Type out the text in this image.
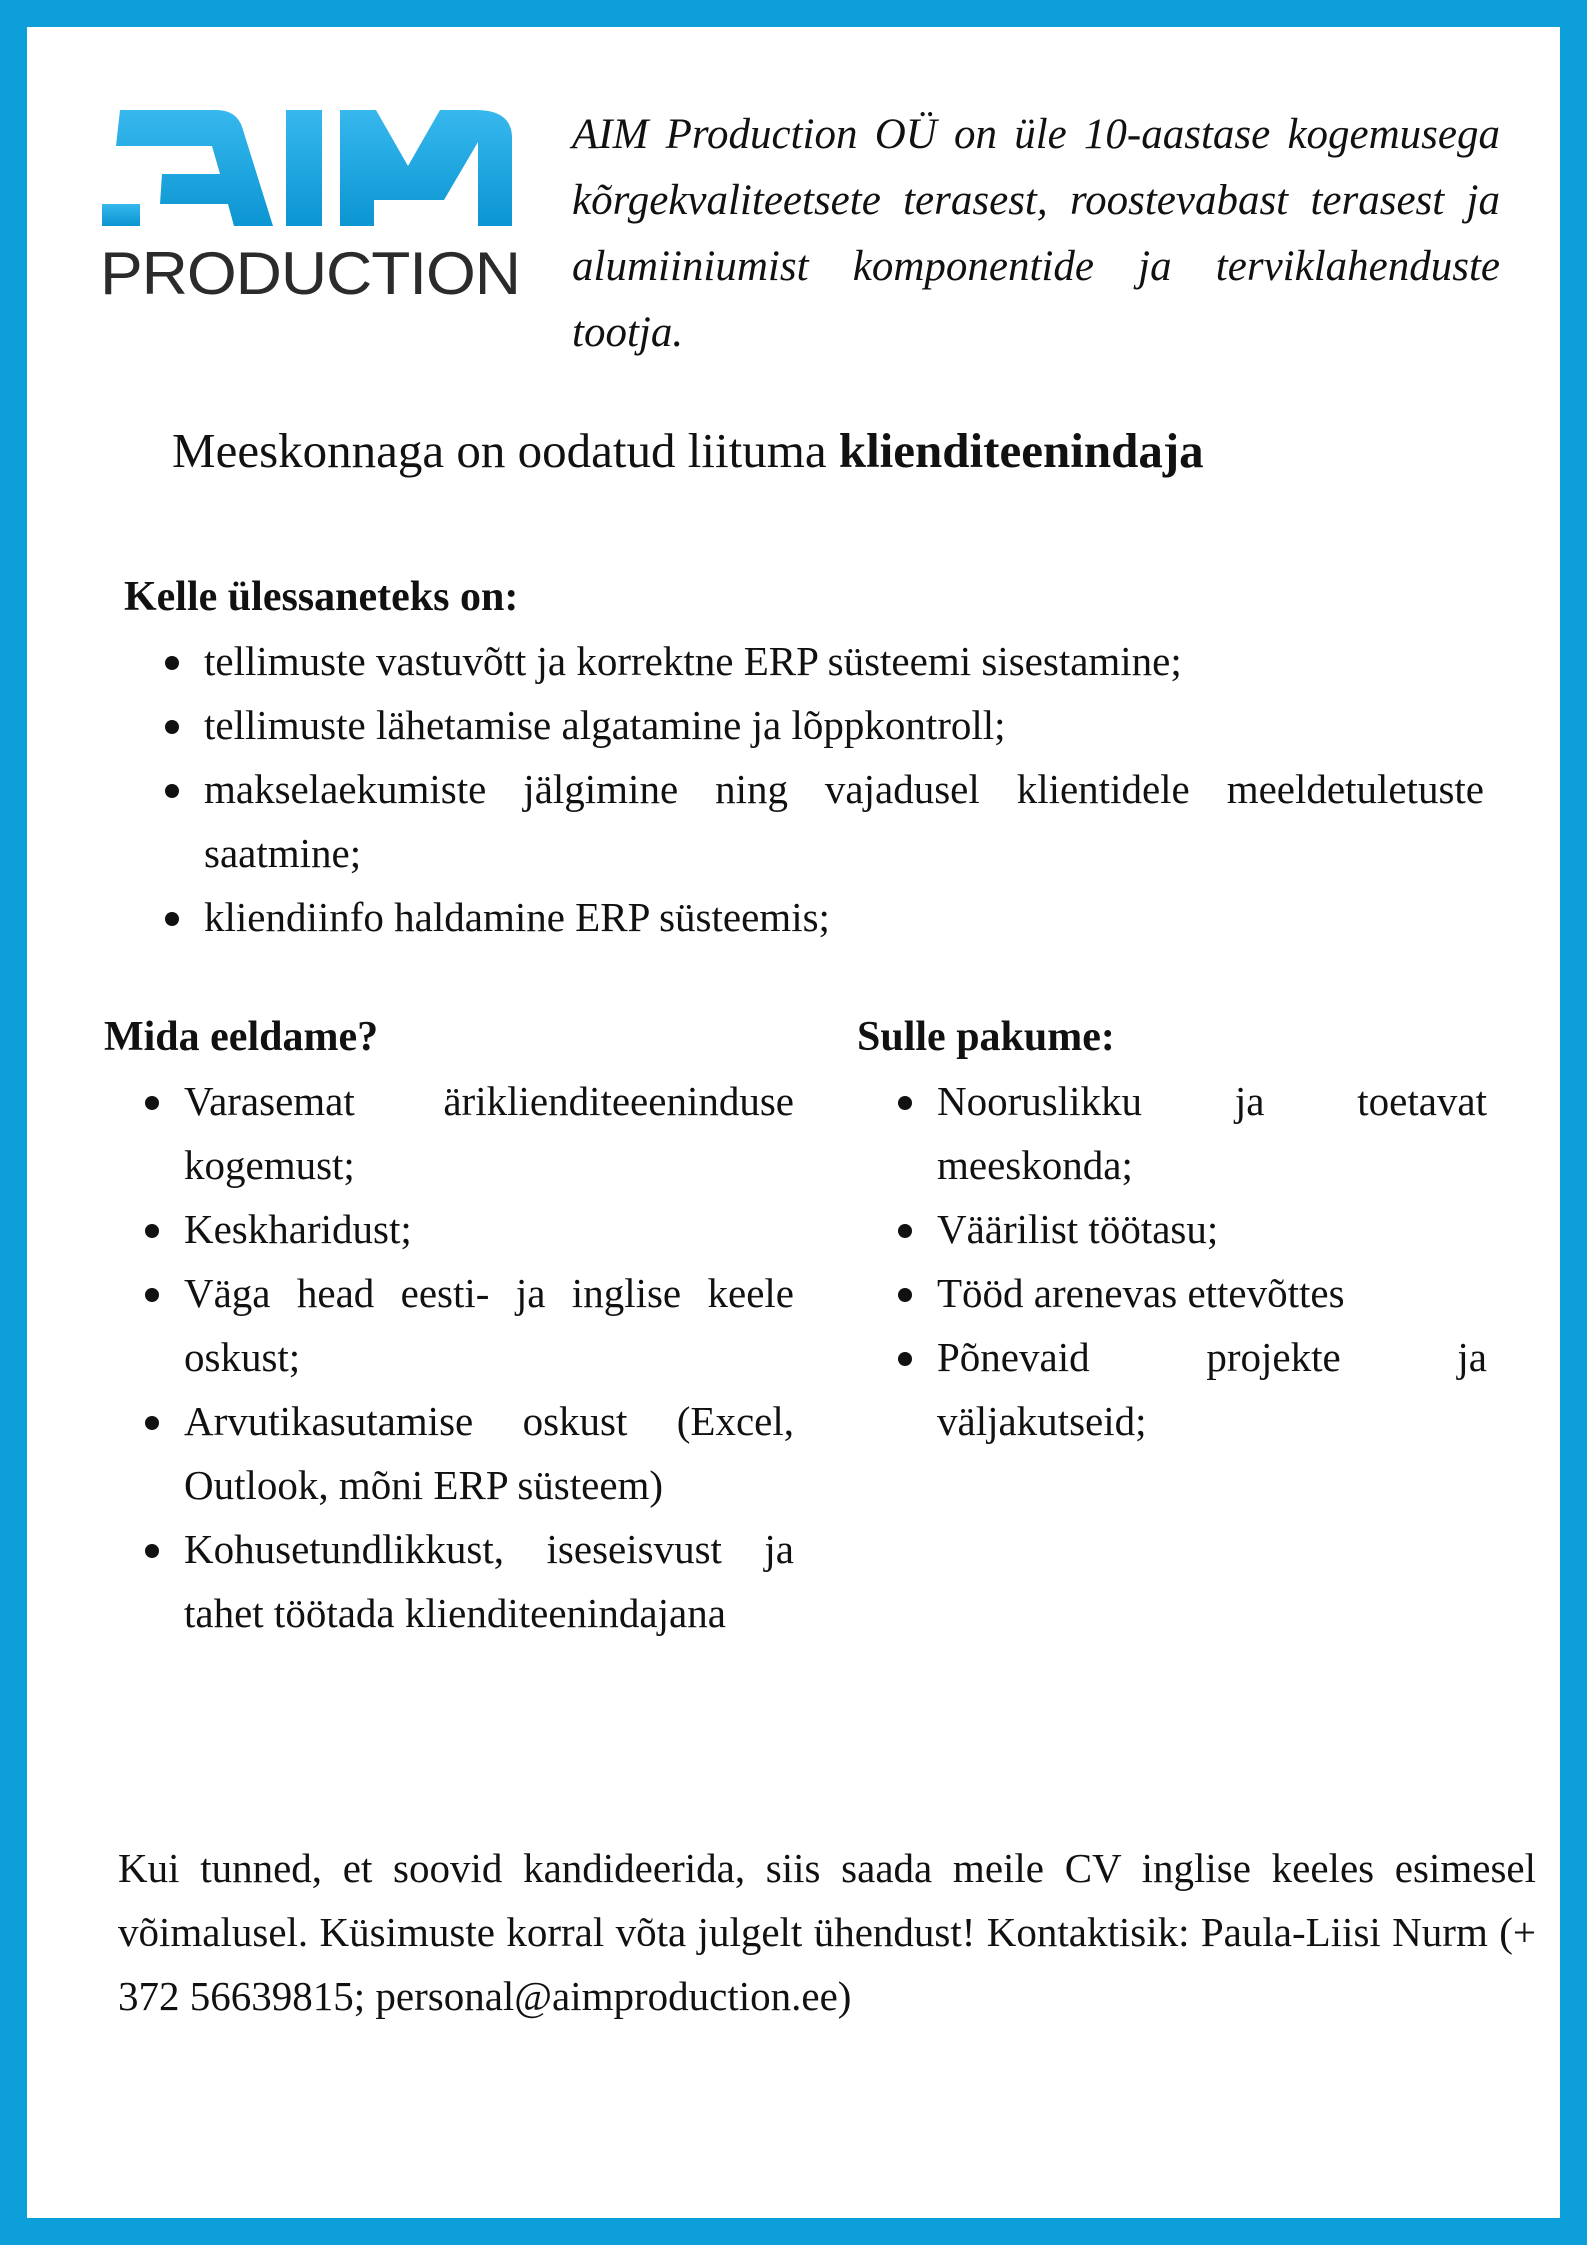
PRODUCTION
AIM Production OÜ on üle 10-aastase kogemusega kõrgekvaliteetsete terasest, roostevabast terasest ja alumiiniumist komponentide ja terviklahenduste tootja.
Meeskonnaga on oodatud liituma klienditeenindaja
Kelle ülessaneteks on:
tellimuste vastuvõtt ja korrektne ERP süsteemi sisestamine;
tellimuste lähetamise algatamine ja lõppkontroll;
makselaekumiste jälgimine ning vajadusel klientidele meeldetuletuste saatmine;
kliendiinfo haldamine ERP süsteemis;
Mida eeldame?
Varasemat äriklienditeeeninduse kogemust;
Keskharidust;
Väga head eesti- ja inglise keele oskust;
Arvutikasutamise oskust (Excel, Outlook, mõni ERP süsteem)
Kohusetundlikkust, iseseisvust ja tahet töötada klienditeenindajana
Sulle pakume:
Nooruslikku ja toetavat meeskonda;
Väärilist töötasu;
Tööd arenevas ettevõttes
Põnevaid projekte ja väljakutseid;
Kui tunned, et soovid kandideerida, siis saada meile CV inglise keeles esimesel võimalusel. Küsimuste korral võta julgelt ühendust! Kontaktisik: Paula-Liisi Nurm (+ 372 56639815; personal@aimproduction.ee)
